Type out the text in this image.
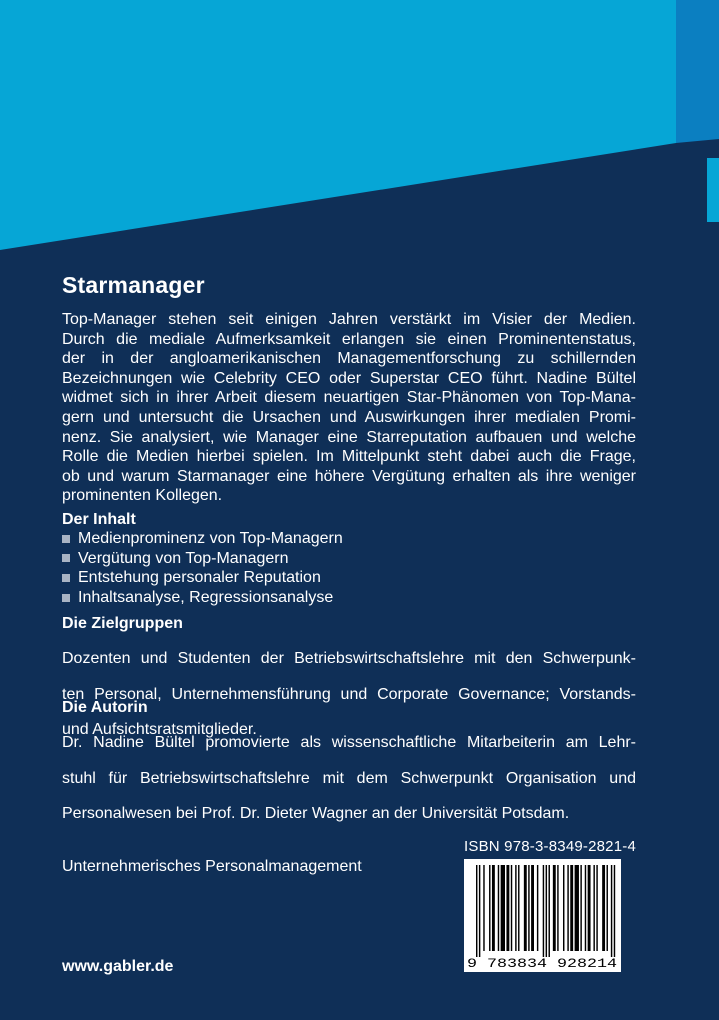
Starmanager

Top-Manager stehen seit einigen Jahren verstärkt im Visier der Medien.

Durch die mediale Aufmerksamkeit erlangen sie einen Prominentenstatus,

der in der angloamerikanischen Managementforschung zu schillernden

Bezeichnungen wie Celebrity CEO oder Superstar CEO führt. Nadine Bültel

widmet sich in ihrer Arbeit diesem neuartigen Star-Phänomen von Top-Mana-

gern und untersucht die Ursachen und Auswirkungen ihrer medialen Promi-

nenz. Sie analysiert, wie Manager eine Starreputation aufbauen und welche

Rolle die Medien hierbei spielen. Im Mittelpunkt steht dabei auch die Frage,

ob und warum Starmanager eine höhere Vergütung erhalten als ihre weniger

prominenten Kollegen.

Der Inhalt
Medienprominenz von Top-Managern
Vergütung von Top-Managern
Entstehung personaler Reputation
Inhaltsanalyse, Regressionsanalyse
Die Zielgruppen

Dozenten und Studenten der Betriebswirtschaftslehre mit den Schwerpunk-

ten Personal, Unternehmensführung und Corporate Governance; Vorstands-

und Aufsichtsratsmitglieder.

Die Autorin

Dr. Nadine Bültel promovierte als wissenschaftliche Mitarbeiterin am Lehr-

stuhl für Betriebswirtschaftslehre mit dem Schwerpunkt Organisation und

Personalwesen bei Prof. Dr. Dieter Wagner an der Universität Potsdam.

Unternehmerisches Personalmanagement
www.gabler.de
ISBN 978-3-8349-2821-4
9 783834 928214
